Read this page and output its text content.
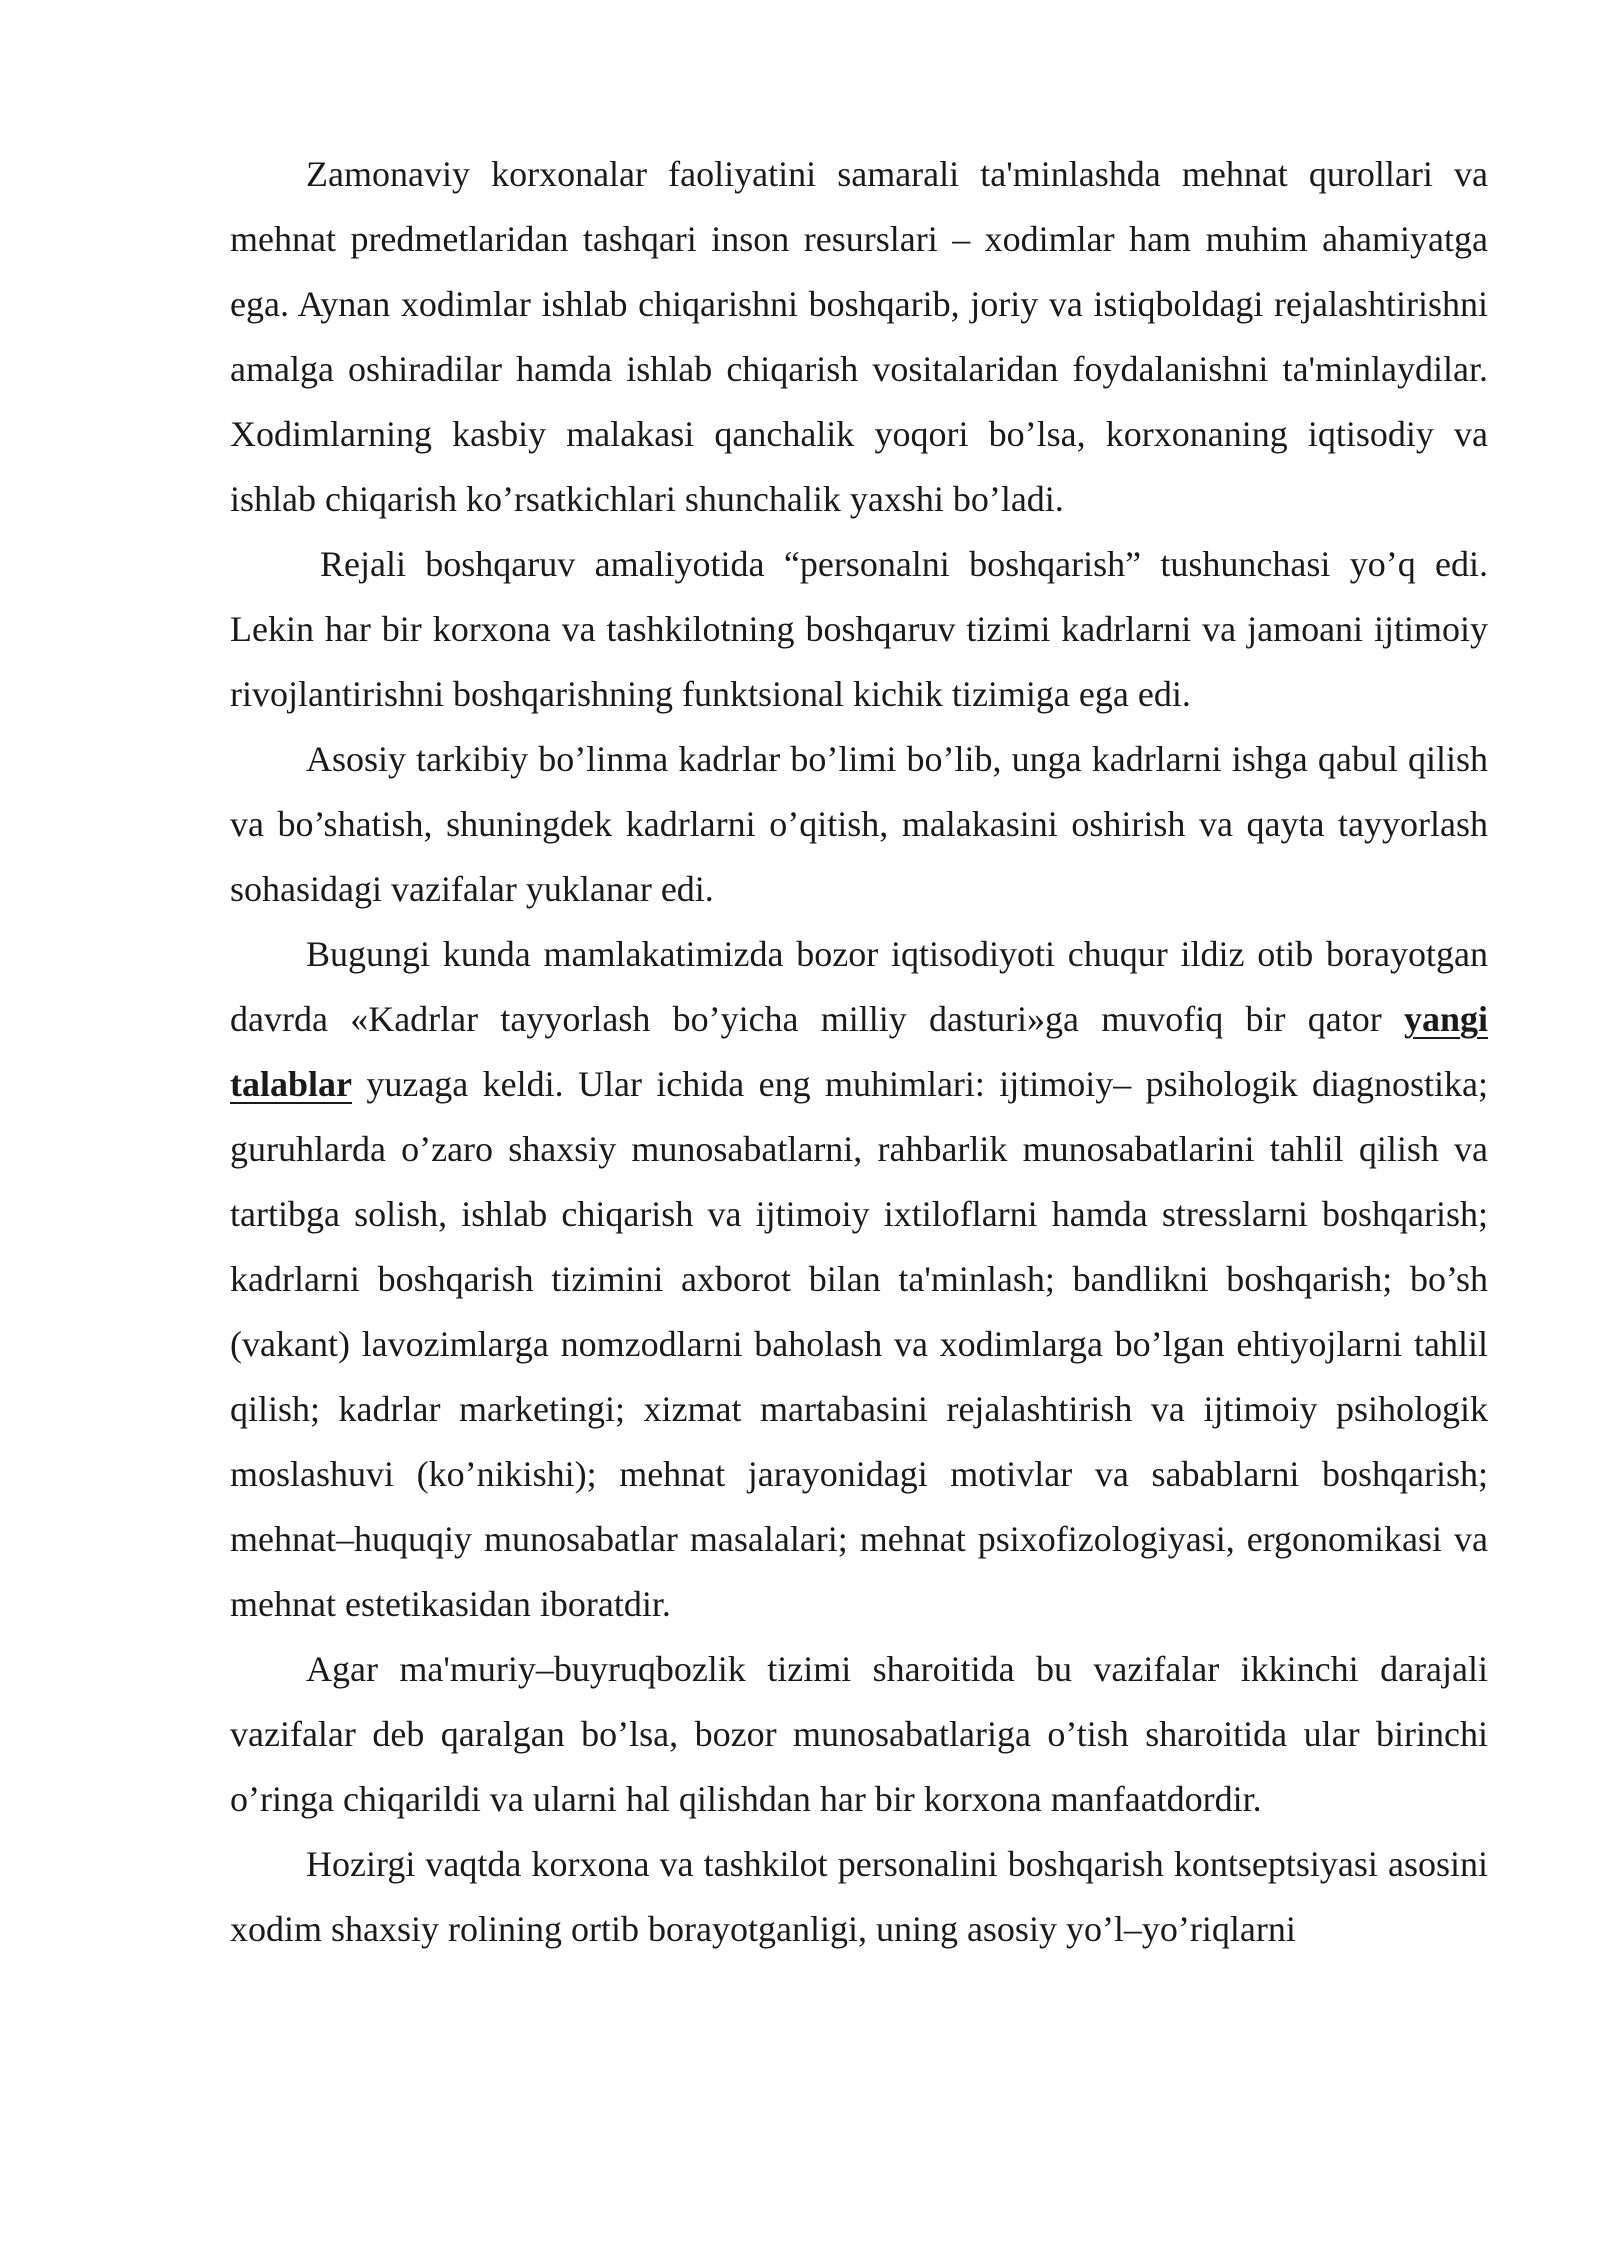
Zamonaviy korxonalar faoliyatini samarali ta'minlashda mehnat qurollari va mehnat predmetlaridan tashqari inson resurslari – xodimlar ham muhim ahamiyatga ega. Aynan xodimlar ishlab chiqarishni boshqarib, joriy va istiqboldagi rejalashtirishni amalga oshiradilar hamda ishlab chiqarish vositalaridan foydalanishni ta'minlaydilar. Xodimlarning kasbiy malakasi qanchalik yoqori bo’lsa, korxonaning iqtisodiy va ishlab chiqarish ko’rsatkichlari shunchalik yaxshi bo’ladi.

Rejali boshqaruv amaliyotida “personalni boshqarish” tushunchasi yo’q edi. Lekin har bir korxona va tashkilotning boshqaruv tizimi kadrlarni va jamoani ijtimoiy rivojlantirishni boshqarishning funktsional kichik tizimiga ega edi.

Asosiy tarkibiy bo’linma kadrlar bo’limi bo’lib, unga kadrlarni ishga qabul qilish va bo’shatish, shuningdek kadrlarni o’qitish, malakasini oshirish va qayta tayyorlash sohasidagi vazifalar yuklanar edi.

Bugungi kunda mamlakatimizda bozor iqtisodiyoti chuqur ildiz otib borayotgan davrda «Kadrlar tayyorlash bo’yicha milliy dasturi»ga muvofiq bir qator yangi talablar yuzaga keldi. Ular ichida eng muhimlari: ijtimoiy– psihologik diagnostika; guruhlarda o’zaro shaxsiy munosabatlarni, rahbarlik munosabatlarini tahlil qilish va tartibga solish, ishlab chiqarish va ijtimoiy ixtiloflarni hamda stresslarni boshqarish; kadrlarni boshqarish tizimini axborot bilan ta'minlash; bandlikni boshqarish; bo’sh (vakant) lavozimlarga nomzodlarni baholash va xodimlarga bo’lgan ehtiyojlarni tahlil qilish; kadrlar marketingi; xizmat martabasini rejalashtirish va ijtimoiy psihologik moslashuvi (ko’nikishi); mehnat jarayonidagi motivlar va sabablarni boshqarish; mehnat–huquqiy munosabatlar masalalari; mehnat psixofizologiyasi, ergonomikasi va mehnat estetikasidan iboratdir.

Agar ma'muriy–buyruqbozlik tizimi sharoitida bu vazifalar ikkinchi darajali vazifalar deb qaralgan bo’lsa, bozor munosabatlariga o’tish sharoitida ular birinchi o’ringa chiqarildi va ularni hal qilishdan har bir korxona manfaatdordir.

Hozirgi vaqtda korxona va tashkilot personalini boshqarish kontseptsiyasi asosini xodim shaxsiy rolining ortib borayotganligi, uning asosiy yo’l–yo’riqlarni
